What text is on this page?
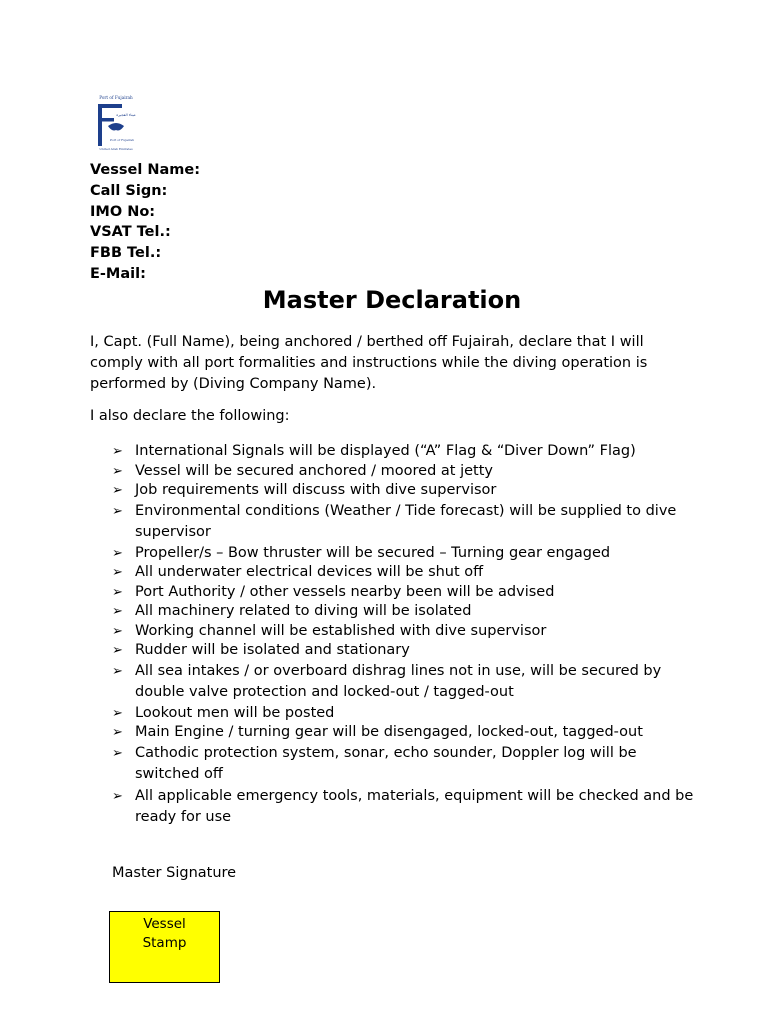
Port of Fujairah
ميناء الفجيرة
Port of Fujairah
United Arab Emirates
Vessel Name:
Call Sign:
IMO No:
VSAT Tel.:
FBB Tel.:
E-Mail:
Master Declaration

I, Capt. (Full Name), being anchored / berthed off Fujairah, declare that I will comply with all port formalities and instructions while the diving operation is performed by (Diving Company Name).

I also declare the following:

➢ International Signals will be displayed (“A” Flag & “Diver Down” Flag)
➢ Vessel will be secured anchored / moored at jetty
➢ Job requirements will discuss with dive supervisor
➢ Environmental conditions (Weather / Tide forecast) will be supplied to dive supervisor
➢ Propeller/s – Bow thruster will be secured – Turning gear engaged
➢ All underwater electrical devices will be shut off
➢ Port Authority / other vessels nearby been will be advised
➢ All machinery related to diving will be isolated
➢ Working channel will be established with dive supervisor
➢ Rudder will be isolated and stationary
➢ All sea intakes / or overboard dishrag lines not in use, will be secured by double valve protection and locked-out / tagged-out
➢ Lookout men will be posted
➢ Main Engine / turning gear will be disengaged, locked-out, tagged-out
➢ Cathodic protection system, sonar, echo sounder, Doppler log will be switched off
➢ All applicable emergency tools, materials, equipment will be checked and be ready for use
Master Signature
Vessel
Stamp
